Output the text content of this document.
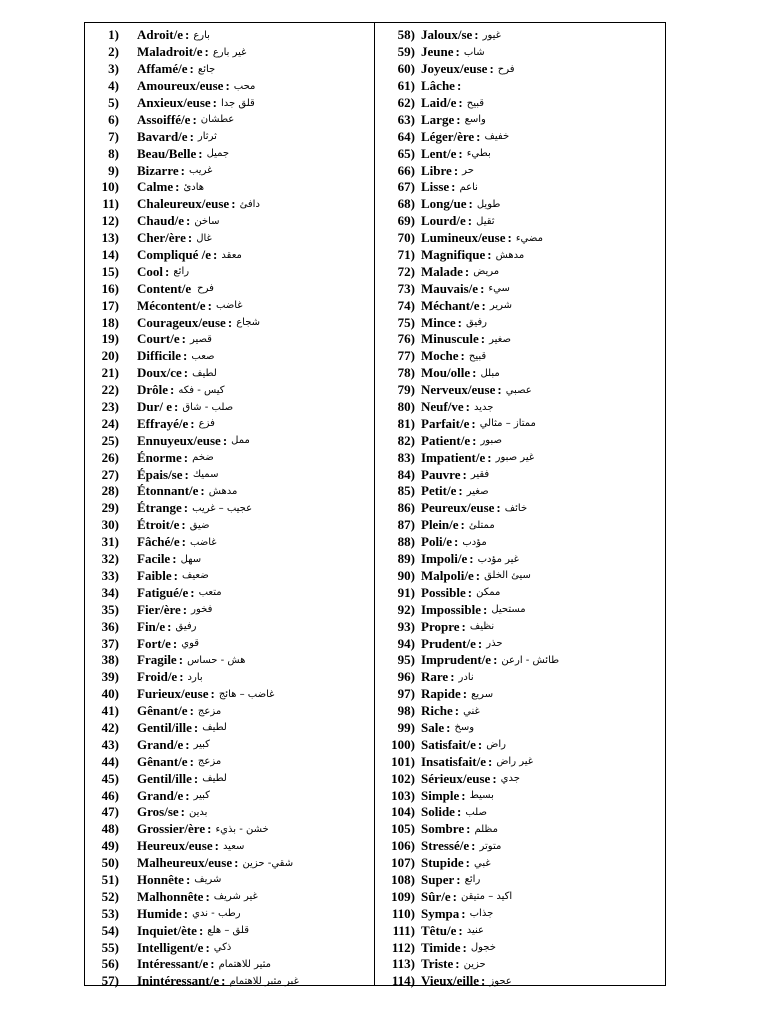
1)	Adroit/e : بارع
2)	Maladroit/e : غير بارع
3)	Affamé/e : جائع
4)	Amoureux/euse : محب
5)	Anxieux/euse : قلق جدا
6)	Assoiffé/e : عطشان
7)	Bavard/e : ثرثار
8)	Beau/Belle : جميل
9)	Bizarre : غريب
10)	Calme : هادئ
11)	Chaleureux/euse : دافئ
12)	Chaud/e : ساخن
13)	Cher/ère : غال
14)	Compliqué /e : معقد
15)	Cool : رائع
16)	Content/e فرح
17)	Mécontent/e : غاضب
18)	Courageux/euse : شجاع
19)	Court/e : قصير
20)	Difficile : صعب
21)	Doux/ce : لطيف
22)	Drôle : كيس - فكه
23)	Dur/ e : صلب - شاق
24)	Effrayé/e : فزع
25)	Ennuyeux/euse : ممل
26)	Énorme : ضخم
27)	Épais/se : سميك
28)	Étonnant/e : مدهش
29)	Étrange : عجيب – غريب
30)	Étroit/e : ضيق
31)	Fâché/e : غاضب
32)	Facile : سهل
33)	Faible : ضعيف
34)	Fatigué/e : متعب
35)	Fier/ère : فخور
36)	Fin/e : رفيق
37)	Fort/e : قوي
38)	Fragile : هش - حساس
39)	Froid/e : بارد
40)	Furieux/euse : غاضب – هائج
41)	Gênant/e : مزعج
42)	Gentil/ille : لطيف
43)	Grand/e : كبير
44)	Gênant/e : مزعج
45)	Gentil/ille : لطيف
46)	Grand/e : كبير
47)	Gros/se : بدين
48)	Grossier/ère : خشن - بذيء
49)	Heureux/euse : سعيد
50)	Malheureux/euse : شقي- حزين
51)	Honnête : شريف
52)	Malhonnête : غير شريف
53)	Humide : رطب - ندي
54)	Inquiet/ète : قلق – هلع
55)	Intelligent/e : ذكي
56)	Intéressant/e : مثير للاهتمام
57)	Inintéressant/e : غير مثير للاهتمام
58) Jaloux/se : غيور
59) Jeune : شاب
60) Joyeux/euse : فرح
61) Lâche :
62) Laid/e : قبيح
63) Large : واسع
64) Léger/ère : خفيف
65) Lent/e : بطيء
66) Libre : حر
67) Lisse : ناعم
68) Long/ue : طويل
69) Lourd/e : ثقيل
70) Lumineux/euse : مضيء
71) Magnifique : مدهش
72) Malade : مريض
73) Mauvais/e : سيء
74) Méchant/e : شرير
75) Mince : رفيق
76) Minuscule : صغير
77) Moche : قبيح
78) Mou/olle : مبلل
79) Nerveux/euse : عصبي
80) Neuf/ve : جديد
81) Parfait/e : ممتاز – مثالي
82) Patient/e : صبور
83) Impatient/e : غير صبور
84) Pauvre : فقير
85) Petit/e : صغير
86) Peureux/euse : خائف
87) Plein/e : ممتلئ
88) Poli/e : مؤدب
89) Impoli/e : غير مؤدب
90) Malpoli/e : سيئ الخلق
91) Possible : ممكن
92) Impossible : مستحيل
93) Propre : نظيف
94) Prudent/e : حذر
95) Imprudent/e : طائش - ارعن
96) Rare : نادر
97) Rapide : سريع
98) Riche : غني
99) Sale : وسخ
100) Satisfait/e : راض
101) Insatisfait/e : غير راض
102) Sérieux/euse : جدي
103) Simple : بسيط
104) Solide : صلب
105) Sombre : مظلم
106) Stressé/e : متوتر
107) Stupide : غبي
108) Super : رائع
109) Sûr/e : اكيد – متيقن
110) Sympa : جذاب
111) Têtu/e : عنيد
112) Timide : خجول
113) Triste : حزين
114) Vieux/eille : عجوز
